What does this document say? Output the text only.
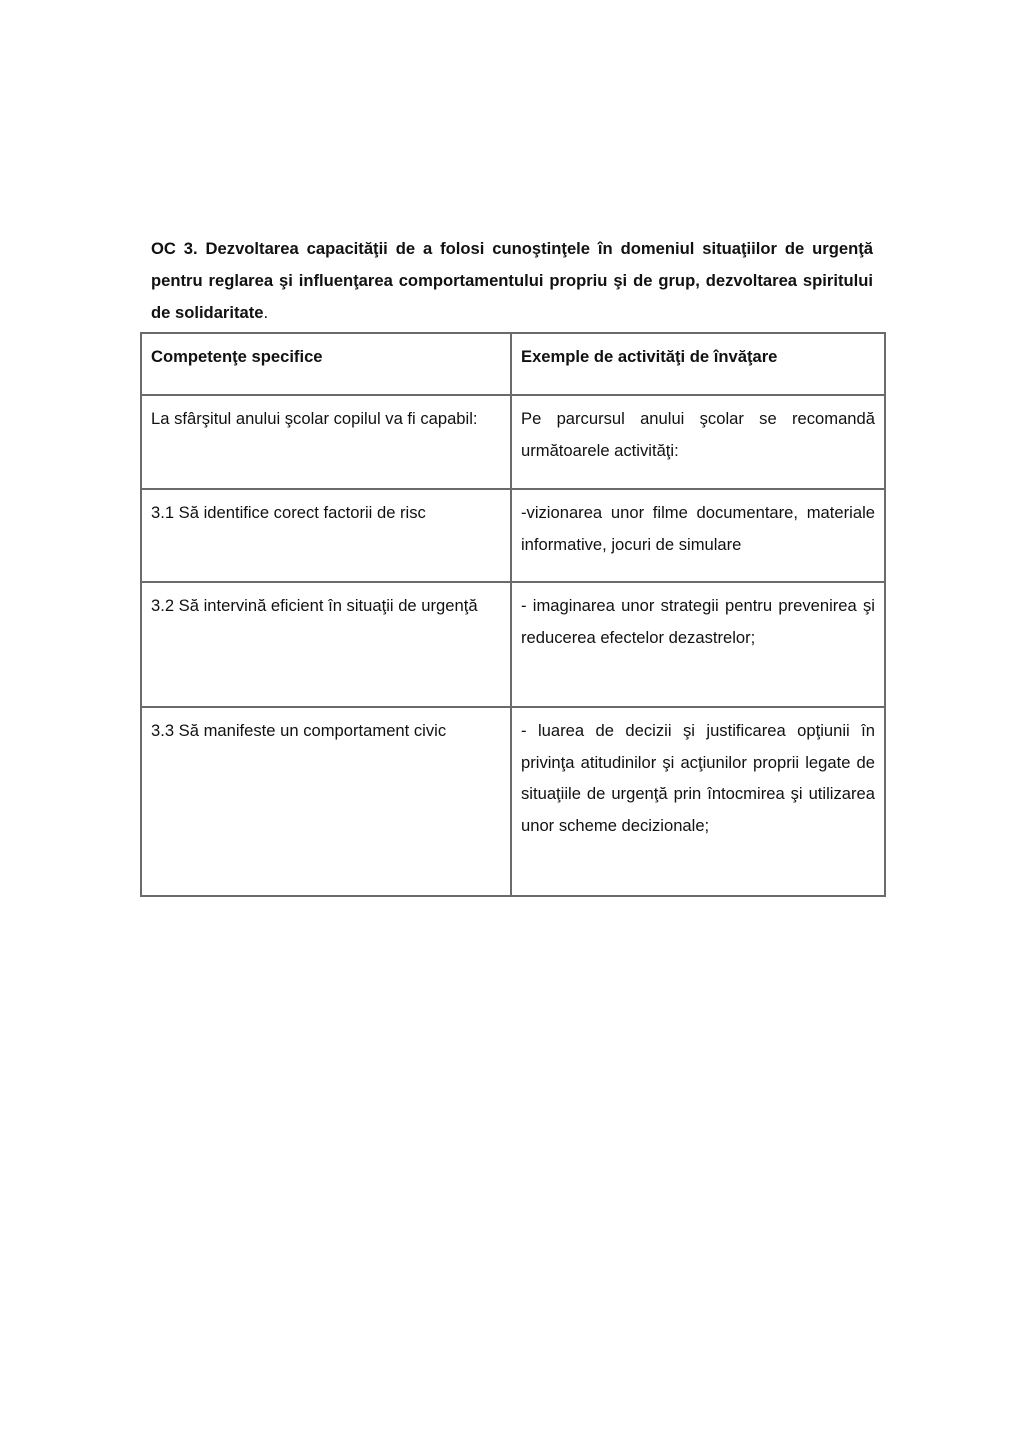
OC 3. Dezvoltarea capacităţii de a folosi cunoştinţele în domeniul situaţiilor de urgenţă pentru reglarea şi influenţarea comportamentului propriu şi de grup, dezvoltarea spiritului de solidaritate.

Competenţe specifice	Exemple de activităţi de învăţare
La sfârşitul anului şcolar copilul va fi capabil:	Pe parcursul anului şcolar se recomandă următoarele activităţi:
3.1 Să identifice corect factorii de risc	-vizionarea unor filme documentare, materiale informative, jocuri de simulare
3.2 Să intervină eficient în situaţii de urgenţă	- imaginarea unor strategii pentru prevenirea şi reducerea efectelor dezastrelor;
3.3 Să manifeste un comportament civic	- luarea de decizii şi justificarea opţiunii în privinţa atitudinilor şi acţiunilor proprii legate de situaţiile de urgenţă prin întocmirea şi utilizarea unor scheme decizionale;
